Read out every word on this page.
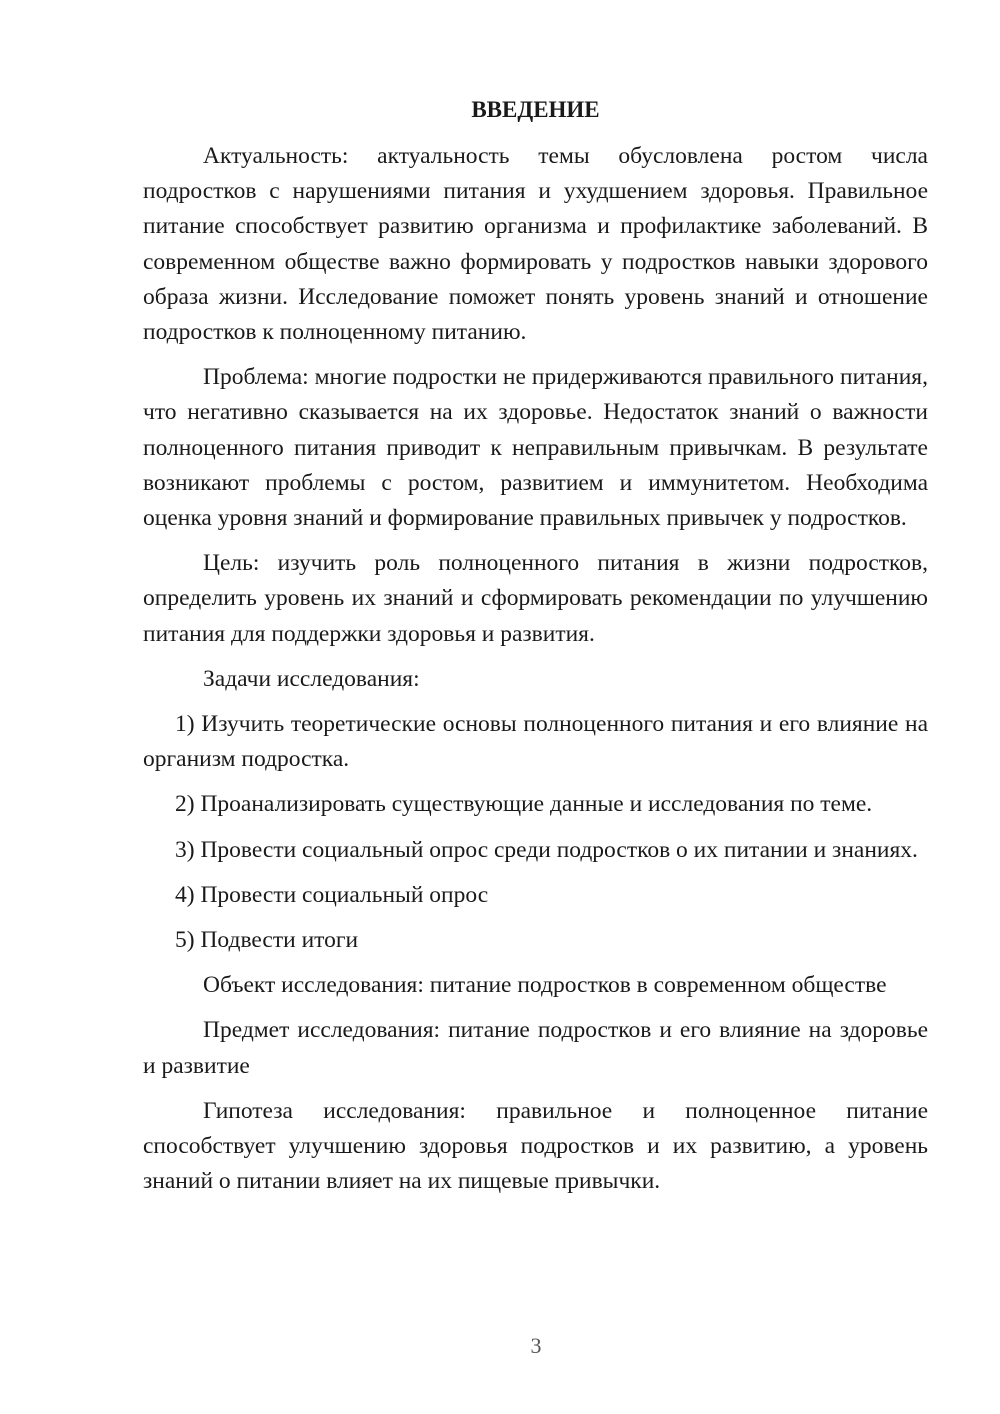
ВВЕДЕНИЕ

Актуальность: актуальность темы обусловлена ростом числа подростков с нарушениями питания и ухудшением здоровья. Правильное питание способствует развитию организма и профилактике заболеваний. В современном обществе важно формировать у подростков навыки здорового образа жизни. Исследование поможет понять уровень знаний и отношение подростков к полноценному питанию.

Проблема: многие подростки не придерживаются правильного питания, что негативно сказывается на их здоровье. Недостаток знаний о важности полноценного питания приводит к неправильным привычкам. В результате возникают проблемы с ростом, развитием и иммунитетом. Необходима оценка уровня знаний и формирование правильных привычек у подростков.

Цель: изучить роль полноценного питания в жизни подростков, определить уровень их знаний и сформировать рекомендации по улучшению питания для поддержки здоровья и развития.

Задачи исследования:

1) Изучить теоретические основы полноценного питания и его влияние на организм подростка.

2) Проанализировать существующие данные и исследования по теме.

3) Провести социальный опрос среди подростков о их питании и знаниях.

4) Провести социальный опрос

5) Подвести итоги

Объект исследования: питание подростков в современном обществе

Предмет исследования: питание подростков и его влияние на здоровье и развитие

Гипотеза исследования: правильное и полноценное питание способствует улучшению здоровья подростков и их развитию, а уровень знаний о питании влияет на их пищевые привычки.

3
